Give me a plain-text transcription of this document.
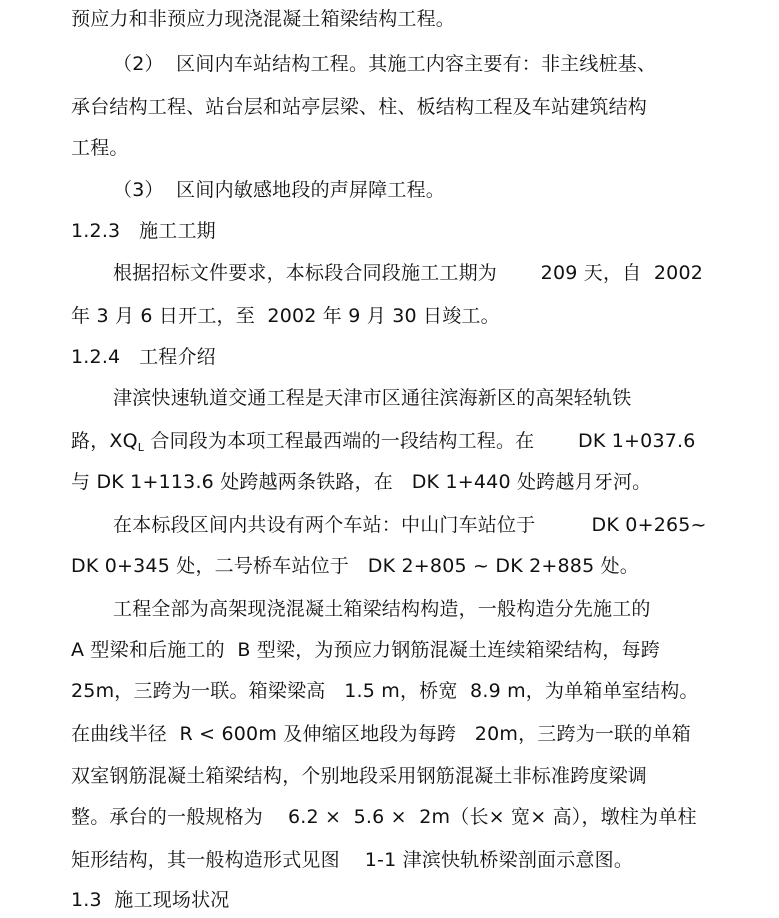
预应力和非预应力现浇混凝土箱梁结构工程。
（2）  区间内车站结构工程。其施工内容主要有：非主线桩基、
承台结构工程、站台层和站亭层梁、柱、板结构工程及车站建筑结构
工程。
（3）  区间内敏感地段的声屏障工程。
1.2.3   施工工期
根据招标文件要求，本标段合同段施工工期为       209 天，自  2002
年 3 月 6 日开工，至  2002 年 9 月 30 日竣工。
1.2.4   工程介绍
津滨快速轨道交通工程是天津市区通往滨海新区的高架轻轨铁
路，$XQ_L$ 合同段为本项工程最西端的一段结构工程。在       DK 1+037.6
与 DK 1+113.6 处跨越两条铁路，在   DK 1+440 处跨越月牙河。
在本标段区间内共设有两个车站：中山门车站位于         DK 0+265~
DK 0+345 处，二号桥车站位于   DK 2+805 ~ DK 2+885 处。
工程全部为高架现浇混凝土箱梁结构构造，一般构造分先施工的
A 型梁和后施工的  B 型梁，为预应力钢筋混凝土连续箱梁结构，每跨
25m，三跨为一联。箱梁梁高   1.5 m，桥宽  8.9 m，为单箱单室结构。
在曲线半径  R < 600m 及伸缩区地段为每跨   20m，三跨为一联的单箱
双室钢筋混凝土箱梁结构，个别地段采用钢筋混凝土非标准跨度梁调
整。承台的一般规格为    6.2 ×  5.6 ×  2m（长× 宽× 高），墩柱为单柱
矩形结构，其一般构造形式见图    1-1 津滨快轨桥梁剖面示意图。
1.3  施工现场状况
